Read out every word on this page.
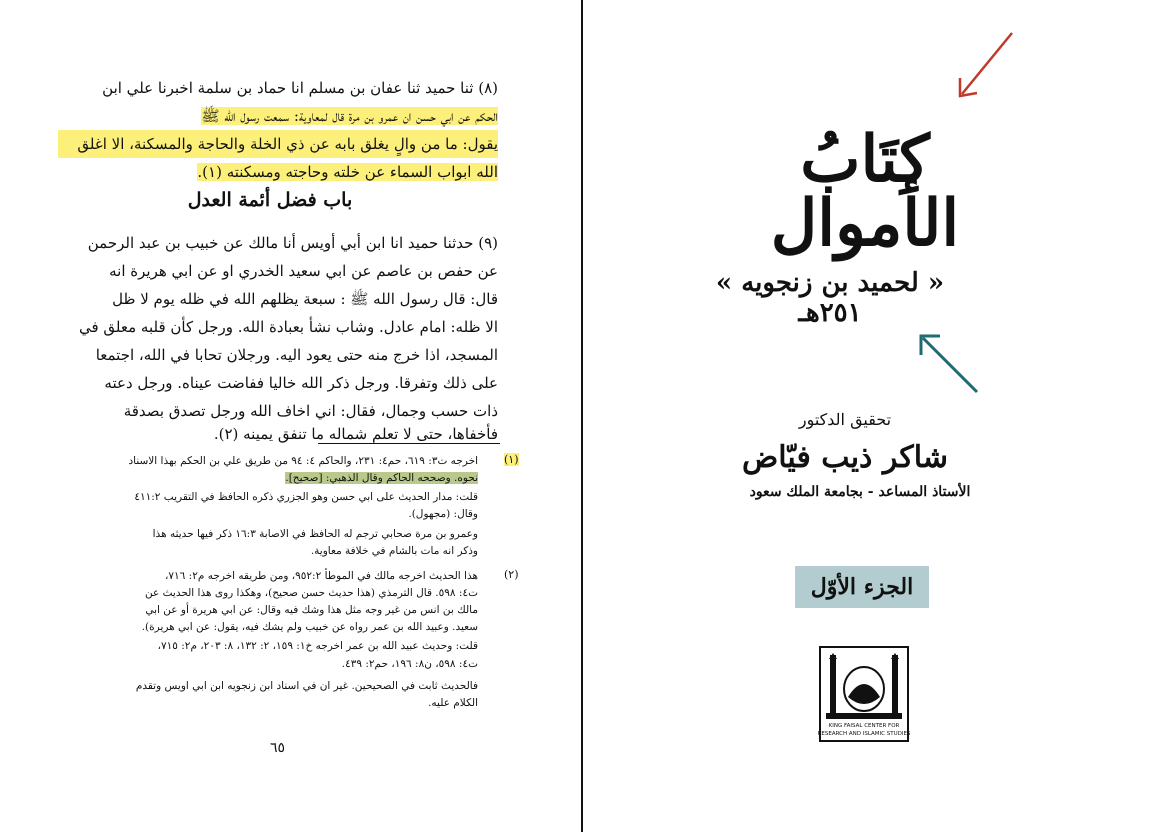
(٨) ثنا حميد ثنا عفان بن مسلم انا حماد بن سلمة اخبرنا علي ابن
الحكم عن ابي حسن ان عمرو بن مرة قال لمعاوية: سمعت رسول الله ﷺ
يقول: ما من والٍ يغلق بابه عن ذي الخلة والحاجة والمسكنة، الا اغلق
الله ابواب السماء عن خلته وحاجته ومسكنته (١).
باب فضل أئمة العدل
(٩) حدثنا حميد انا ابن أبي أويس أنا مالك عن خبيب بن عبد الرحمن
عن حفص بن عاصم عن ابي سعيد الخدري او عن ابي هريرة انه
قال: قال رسول الله ﷺ : سبعة يظلهم الله في ظله يوم لا ظل
الا ظله: امام عادل. وشاب نشأ بعبادة الله. ورجل كأن قلبه معلق في
المسجد، اذا خرج منه حتى يعود اليه. ورجلان تحابا في الله، اجتمعا
على ذلك وتفرقا. ورجل ذكر الله خاليا ففاضت عيناه. ورجل دعته
ذات حسب وجمال، فقال: اني اخاف الله ورجل تصدق بصدقة
فأخفاها، حتى لا تعلم شماله ما تنفق يمينه (٢).
(١)
(٢)
اخرجه ت٣: ٦١٩، حم٤: ٢٣١، والحاكم ٤: ٩٤ من طريق علي بن الحكم بهذا الاسناد
نحوه. وصححه الحاكم وقال الذهبي: [صحيح].
قلت: مدار الحديث على ابي حسن وهو الجزري ذكره الحافظ في التقريب ٤١١:٢
وقال: (مجهول).
وعمرو بن مرة صحابي ترجم له الحافظ في الاصابة ١٦:٣ ذكر فيها حديثه هذا
وذكر انه مات بالشام في خلافة معاوية.
هذا الحديث اخرجه مالك في الموطأ ٩٥٢:٢، ومن طريقه اخرجه م٢: ٧١٦،
ت٤: ٥٩٨. قال الترمذي (هذا حديث حسن صحيح)، وهكذا روى هذا الحديث عن
مالك بن انس من غير وجه مثل هذا وشك فيه وقال: عن ابي هريرة أو عن ابي
سعيد. وعبيد الله بن عمر رواه عن خبيب ولم يشك فيه، يقول: عن ابي هريرة).
قلت: وحديث عبيد الله بن عمر اخرجه خ١: ١٥٩، ٢: ١٣٢، ٨: ٢٠٣، م٢: ٧١٥،
ت٤: ٥٩٨، ن٨: ١٩٦، حم٢: ٤٣٩.
فالحديث ثابت في الصحيحين. غير ان في اسناد ابن زنجويه ابن ابي اويس وتقدم
الكلام عليه.
٦٥
كِتَابُ الأموال
« لحميد بن زنجويه » ٢٥١هـ
تحقيق الدكتور
شاكر ذيب فيّاض
الأستاذ المساعد - بجامعة الملك سعود
الجزء الأوّل
KING FAISAL CENTER FOR
RESEARCH AND ISLAMIC STUDIES
